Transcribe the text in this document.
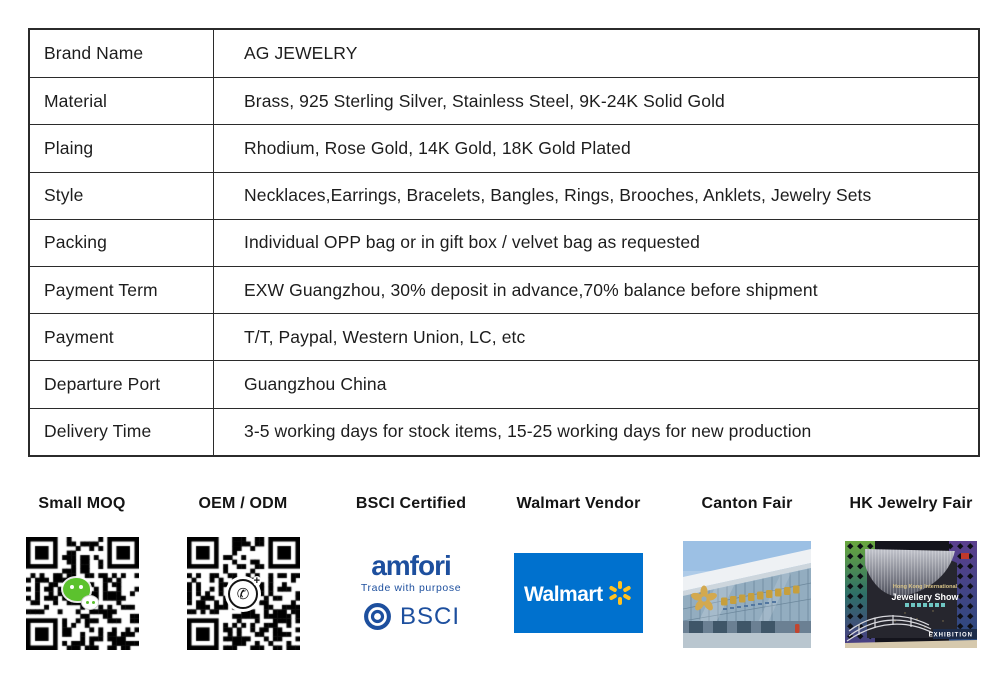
Brand Name	AG JEWELRY
Material	Brass, 925 Sterling Silver, Stainless Steel, 9K-24K Solid Gold
Plaing	Rhodium, Rose Gold, 14K Gold, 18K Gold Plated
Style	Necklaces,Earrings, Bracelets, Bangles, Rings, Brooches, Anklets, Jewelry Sets
Packing	Individual OPP bag or in gift box / velvet bag as requested
Payment Term	EXW Guangzhou, 30% deposit in advance,70% balance before shipment
Payment	T/T, Paypal, Western Union, LC, etc
Departure Port	Guangzhou China
Delivery Time	3-5 working days for stock items, 15-25 working days for new production
Small MOQ	OEM / ODM
✆
+
BSCI Certified
amfori
Trade with purpose
BSCI
Walmart Vendor
Walmart
Canton Fair	HK Jewelry Fair
Hong Kong International
Jewellery Show
EXHIBITION
